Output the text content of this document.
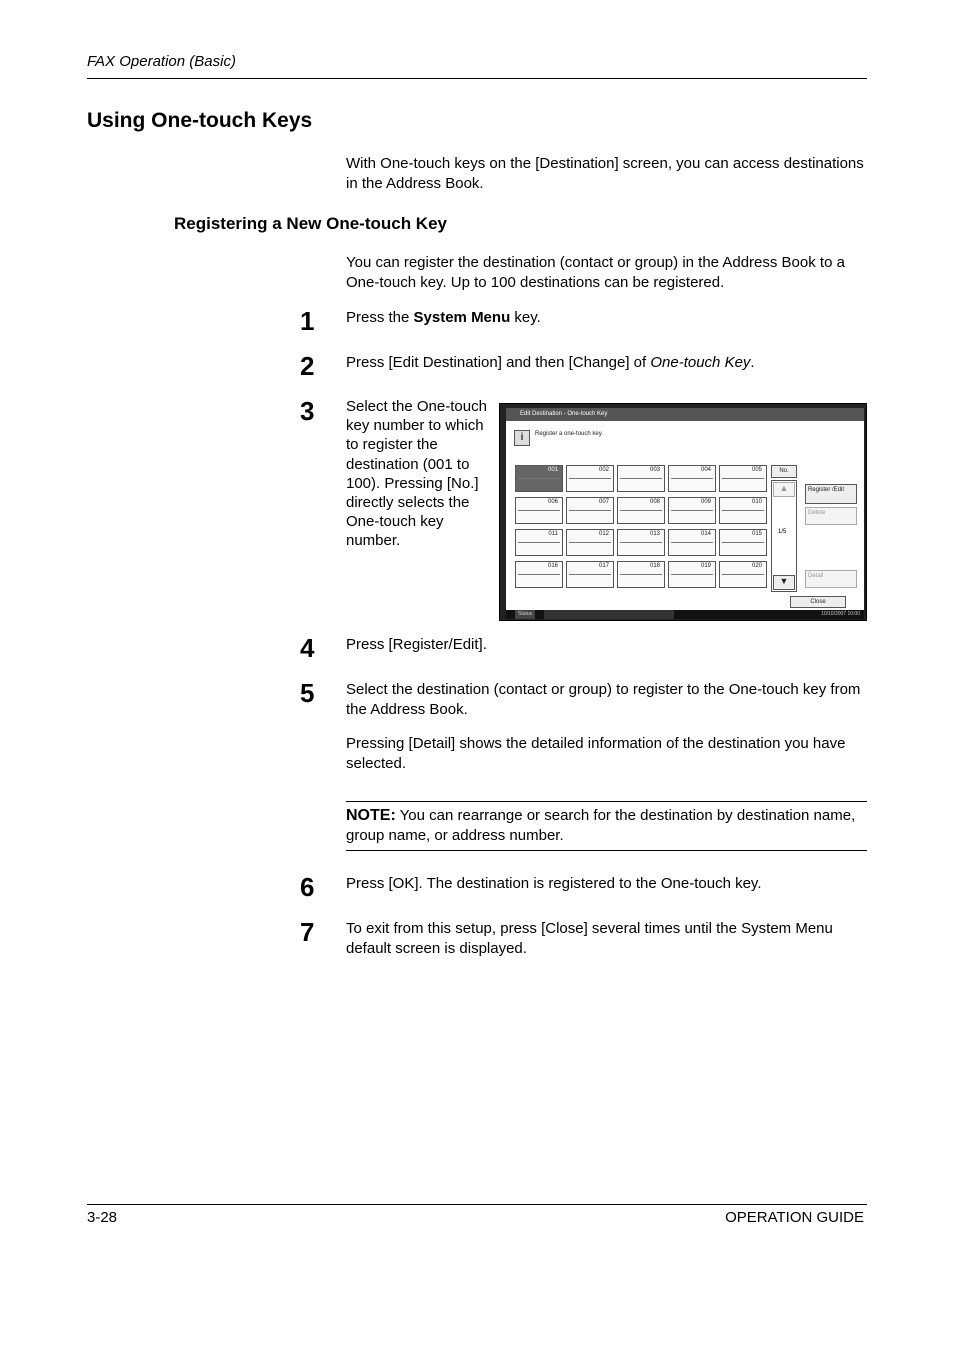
FAX Operation (Basic)
Using One-touch Keys
With One-touch keys on the [Destination] screen, you can access destinations in the Address Book.
Registering a New One-touch Key
You can register the destination (contact or group) in the Address Book to a One-touch key. Up to 100 destinations can be registered.
1 Press the System Menu key.
2 Press [Edit Destination] and then [Change] of One-touch Key.
3 Select the One-touch key number to which to register the destination (001 to 100). Pressing [No.] directly selects the One-touch key number.
Edit Destination - One-touch Key
i	Register a one-touch key.
001	002	003	004	005
006	007	008	009	010
011	012	013	014	015
016	017	018	019	020
No.
▲
1/5
▼
Register /Edit
Delete
Detail
Close
Status	10/10/2007 10:00
4 Press [Register/Edit].
5 Select the destination (contact or group) to register to the One-touch key from the Address Book.
Pressing [Detail] shows the detailed information of the destination you have selected.
NOTE: You can rearrange or search for the destination by destination name, group name, or address number.
6 Press [OK]. The destination is registered to the One-touch key.
7 To exit from this setup, press [Close] several times until the System Menu default screen is displayed.
3-28	OPERATION GUIDE
